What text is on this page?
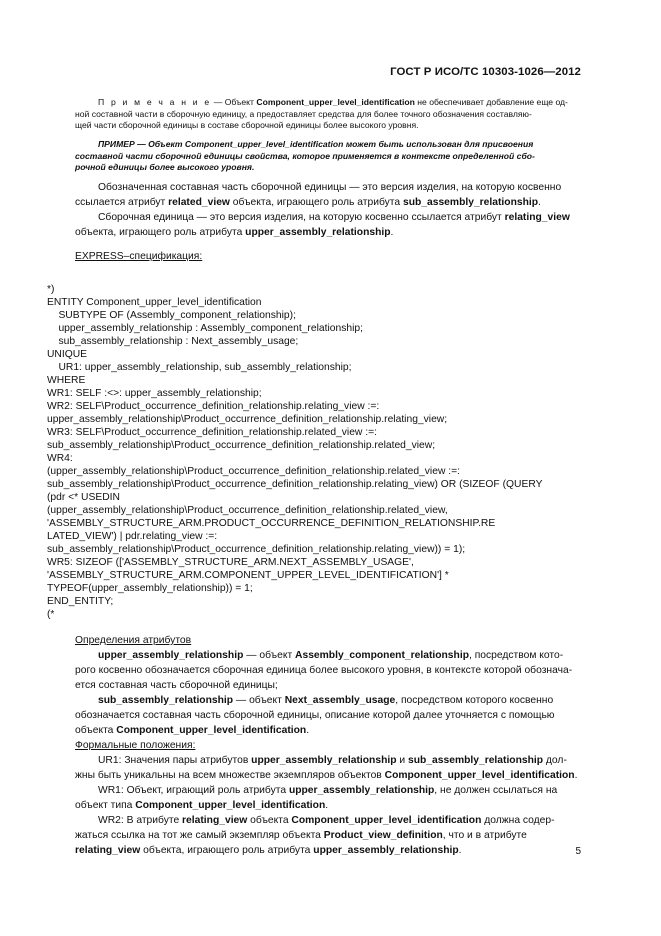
ГОСТ Р ИСО/ТС 10303-1026—2012
П р и м е ч а н и е — Объект Component_upper_level_identification не обеспечивает добавление еще од-
ной составной части в сборочную единицу, а предоставляет средства для более точного обозначения составляю-
щей части сборочной единицы в составе сборочной единицы более высокого уровня.
ПРИМЕР — Объект Component_upper_level_identification может быть использован для присвоения
составной части сборочной единицы свойства, которое применяется в контексте определенной сбо-
рочной единицы более высокого уровня.
Обозначенная составная часть сборочной единицы — это версия изделия, на которую косвенно
ссылается атрибут related_view объекта, играющего роль атрибута sub_assembly_relationship.
Сборочная единица — это версия изделия, на которую косвенно ссылается атрибут relating_view
объекта, играющего роль атрибута upper_assembly_relationship.
EXPRESS–спецификация:
*)
ENTITY Component_upper_level_identification
SUBTYPE OF (Assembly_component_relationship);
upper_assembly_relationship : Assembly_component_relationship;
sub_assembly_relationship : Next_assembly_usage;
UNIQUE
UR1: upper_assembly_relationship, sub_assembly_relationship;
WHERE
WR1: SELF :<>: upper_assembly_relationship;
WR2: SELF\Product_occurrence_definition_relationship.relating_view :=:
upper_assembly_relationship\Product_occurrence_definition_relationship.relating_view;
WR3: SELF\Product_occurrence_definition_relationship.related_view :=:
sub_assembly_relationship\Product_occurrence_definition_relationship.related_view;
WR4:
(upper_assembly_relationship\Product_occurrence_definition_relationship.related_view :=:
sub_assembly_relationship\Product_occurrence_definition_relationship.relating_view) OR (SIZEOF (QUERY
(pdr <* USEDIN
(upper_assembly_relationship\Product_occurrence_definition_relationship.related_view,
'ASSEMBLY_STRUCTURE_ARM.PRODUCT_OCCURRENCE_DEFINITION_RELATIONSHIP.RE
LATED_VIEW') | pdr.relating_view :=:
sub_assembly_relationship\Product_occurrence_definition_relationship.relating_view)) = 1);
WR5: SIZEOF (['ASSEMBLY_STRUCTURE_ARM.NEXT_ASSEMBLY_USAGE',
'ASSEMBLY_STRUCTURE_ARM.COMPONENT_UPPER_LEVEL_IDENTIFICATION'] *
TYPEOF(upper_assembly_relationship)) = 1;
END_ENTITY;
(*
Определения атрибутов
upper_assembly_relationship — объект Assembly_component_relationship, посредством кото-
рого косвенно обозначается сборочная единица более высокого уровня, в контексте которой обознача-
ется составная часть сборочной единицы;
sub_assembly_relationship — объект Next_assembly_usage, посредством которого косвенно
обозначается составная часть сборочной единицы, описание которой далее уточняется с помощью
объекта Component_upper_level_identification.
Формальные положения:
UR1: Значения пары атрибутов upper_assembly_relationship и sub_assembly_relationship дол-
жны быть уникальны на всем множестве экземпляров объектов Component_upper_level_identification.
WR1: Объект, играющий роль атрибута upper_assembly_relationship, не должен ссылаться на
объект типа Component_upper_level_identification.
WR2: В атрибуте relating_view объекта Component_upper_level_identification должна содер-
жаться ссылка на тот же самый экземпляр объекта Product_view_definition, что и в атрибуте
relating_view объекта, играющего роль атрибута upper_assembly_relationship.	5
